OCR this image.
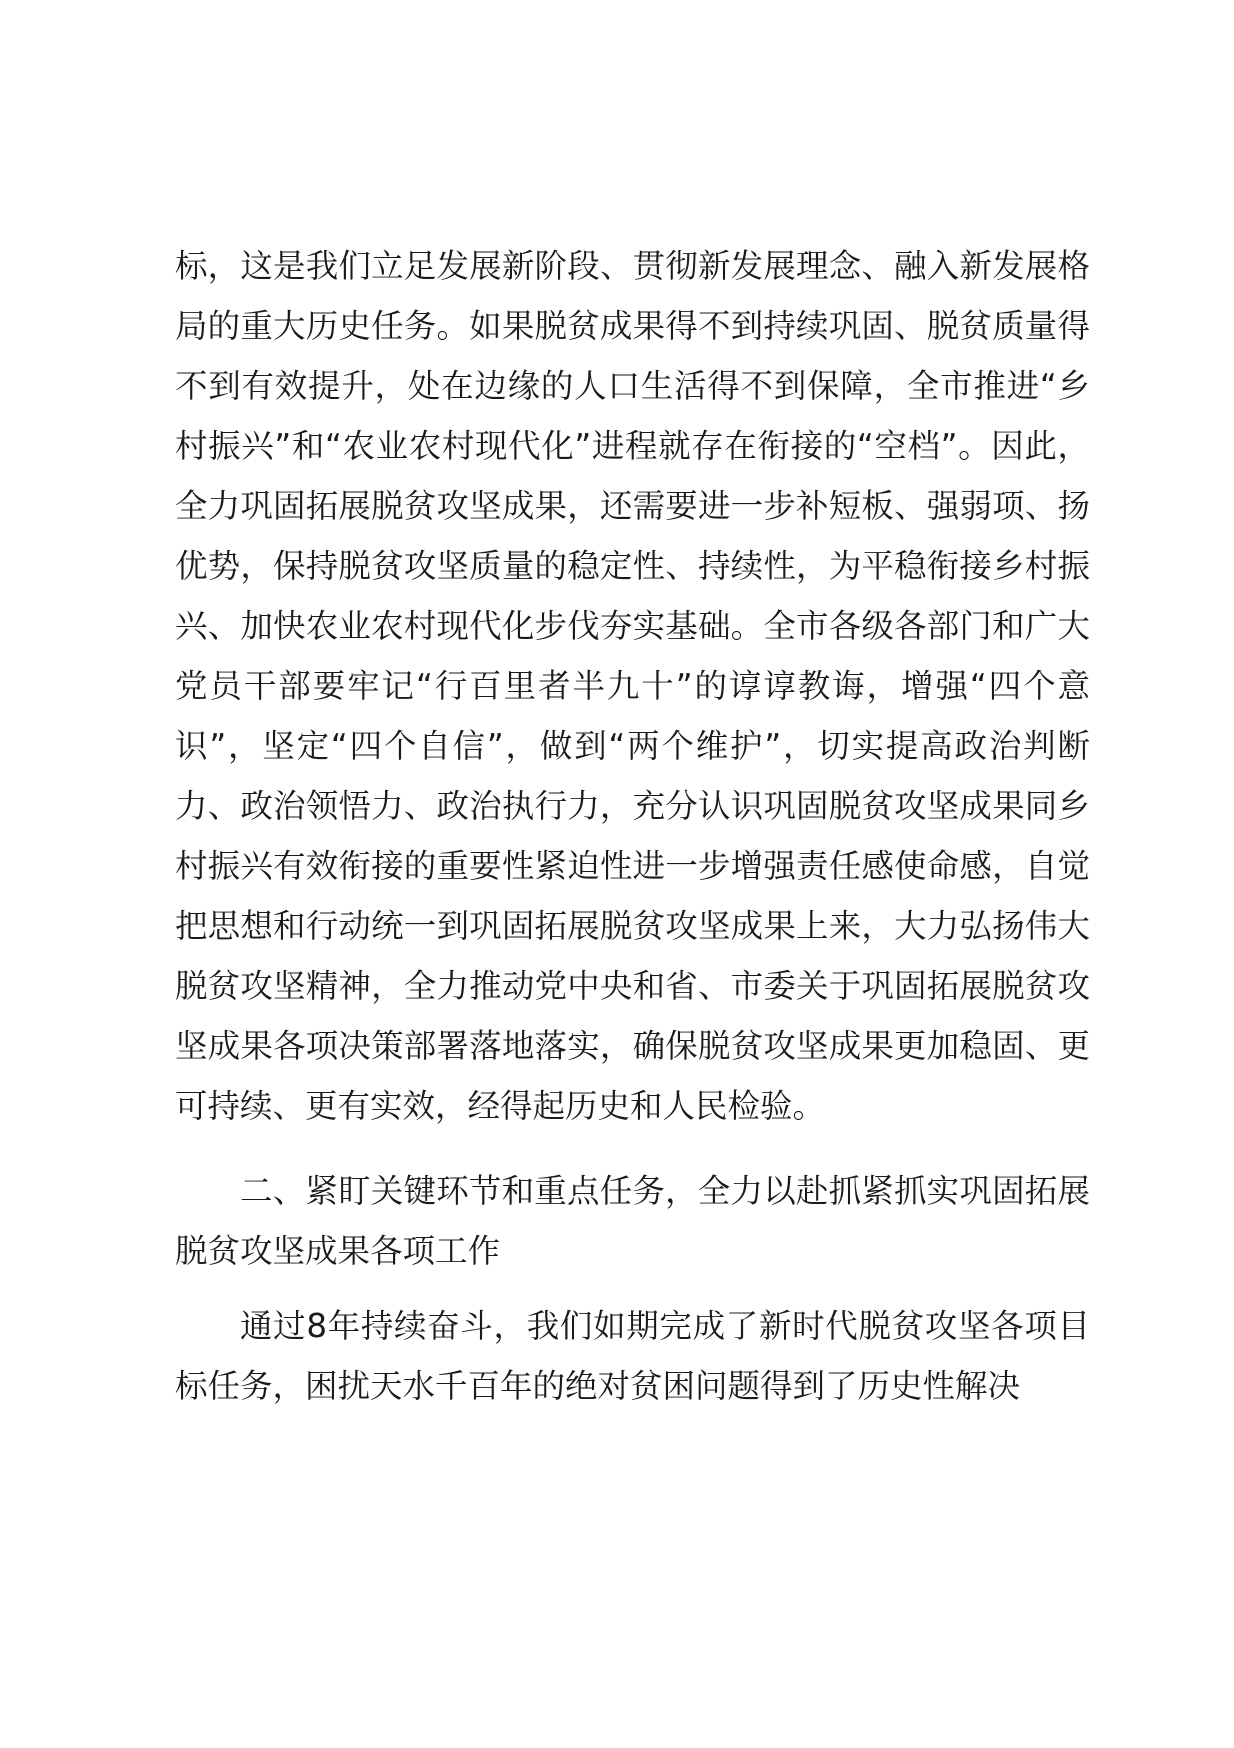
标，这是我们立足发展新阶段、贯彻新发展理念、融入新发展格局的重大历史任务。如果脱贫成果得不到持续巩固、脱贫质量得不到有效提升，处在边缘的人口生活得不到保障，全市推进“乡村振兴”和“农业农村现代化”进程就存在衔接的“空档”。因此，全力巩固拓展脱贫攻坚成果，还需要进一步补短板、强弱项、扬优势，保持脱贫攻坚质量的稳定性、持续性，为平稳衔接乡村振兴、加快农业农村现代化步伐夯实基础。全市各级各部门和广大党员干部要牢记“行百里者半九十”的谆谆教诲，增强“四个意识”，坚定“四个自信”，做到“两个维护”，切实提高政治判断力、政治领悟力、政治执行力，充分认识巩固脱贫攻坚成果同乡村振兴有效衔接的重要性紧迫性进一步增强责任感使命感，自觉把思想和行动统一到巩固拓展脱贫攻坚成果上来，大力弘扬伟大脱贫攻坚精神，全力推动党中央和省、市委关于巩固拓展脱贫攻坚成果各项决策部署落地落实，确保脱贫攻坚成果更加稳固、更可持续、更有实效，经得起历史和人民检验。

二、紧盯关键环节和重点任务，全力以赴抓紧抓实巩固拓展脱贫攻坚成果各项工作

通过8年持续奋斗，我们如期完成了新时代脱贫攻坚各项目标任务，困扰天水千百年的绝对贫困问题得到了历史性解决
